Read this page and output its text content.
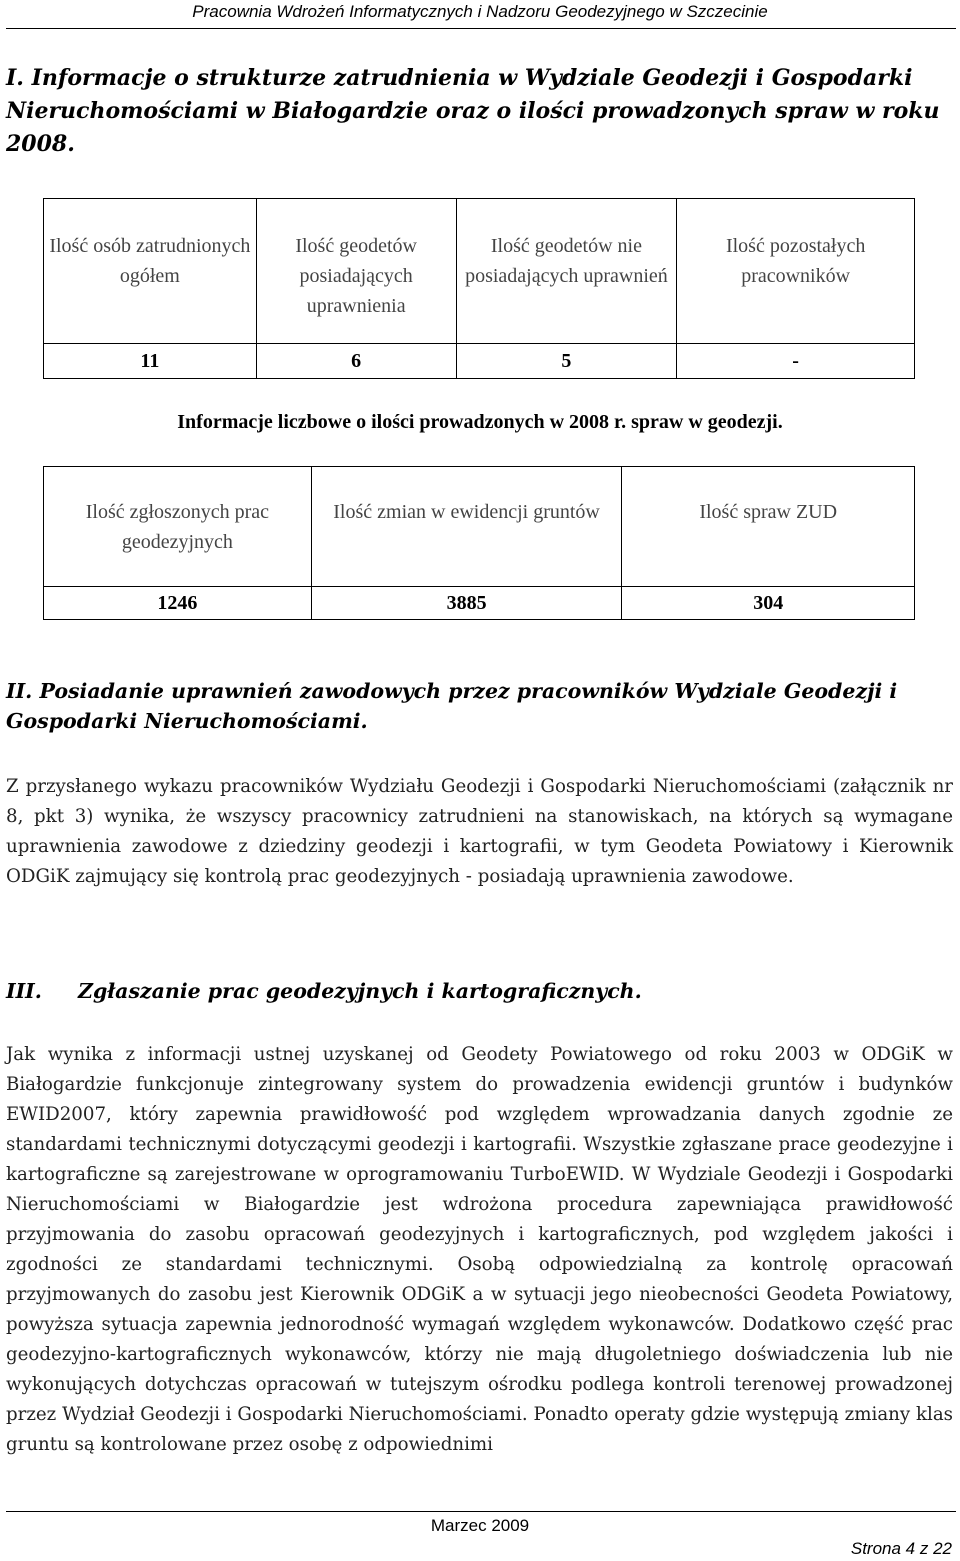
Pracownia Wdrożeń Informatycznych i Nadzoru Geodezyjnego w Szczecinie
I. Informacje o strukturze zatrudnienia w Wydziale Geodezji i Gospodarki Nieruchomościami w Białogardzie oraz o ilości prowadzonych spraw w roku 2008.
Ilość osób zatrudnionych ogółem	Ilość geodetów posiadających uprawnienia	Ilość geodetów nie posiadających uprawnień	Ilość pozostałych pracowników
11	6	5	-
Informacje liczbowe o ilości prowadzonych w 2008 r. spraw w geodezji.
Ilość zgłoszonych prac geodezyjnych	Ilość zmian w ewidencji gruntów	Ilość spraw ZUD
1246	3885	304
II. Posiadanie uprawnień zawodowych przez pracowników Wydziale Geodezji i Gospodarki Nieruchomościami.
Z przysłanego wykazu pracowników Wydziału Geodezji i Gospodarki Nieruchomościami (załącznik nr 8, pkt 3) wynika, że wszyscy pracownicy zatrudnieni na stanowiskach, na których są wymagane uprawnienia zawodowe z dziedziny geodezji i kartografii, w tym Geodeta Powiatowy i Kierownik ODGiK zajmujący się kontrolą prac geodezyjnych - posiadają uprawnienia zawodowe.
III. Zgłaszanie prac geodezyjnych i kartograficznych.
Jak wynika z informacji ustnej uzyskanej od Geodety Powiatowego od roku 2003 w ODGiK w Białogardzie funkcjonuje zintegrowany system do prowadzenia ewidencji gruntów i budynków EWID2007, który zapewnia prawidłowość pod względem wprowadzania danych zgodnie ze standardami technicznymi dotyczącymi geodezji i kartografii. Wszystkie zgłaszane prace geodezyjne i kartograficzne są zarejestrowane w oprogramowaniu TurboEWID. W Wydziale Geodezji i Gospodarki Nieruchomościami w Białogardzie jest wdrożona procedura zapewniająca prawidłowość przyjmowania do zasobu opracowań geodezyjnych i kartograficznych, pod względem jakości i zgodności ze standardami technicznymi. Osobą odpowiedzialną za kontrolę opracowań przyjmowanych do zasobu jest Kierownik ODGiK a w sytuacji jego nieobecności Geodeta Powiatowy, powyższa sytuacja zapewnia jednorodność wymagań względem wykonawców. Dodatkowo część prac geodezyjno-kartograficznych wykonawców, którzy nie mają długoletniego doświadczenia lub nie wykonujących dotychczas opracowań w tutejszym ośrodku podlega kontroli terenowej prowadzonej przez Wydział Geodezji i Gospodarki Nieruchomościami. Ponadto operaty gdzie występują zmiany klas gruntu są kontrolowane przez osobę z odpowiednimi
Marzec 2009
Strona 4 z 22
